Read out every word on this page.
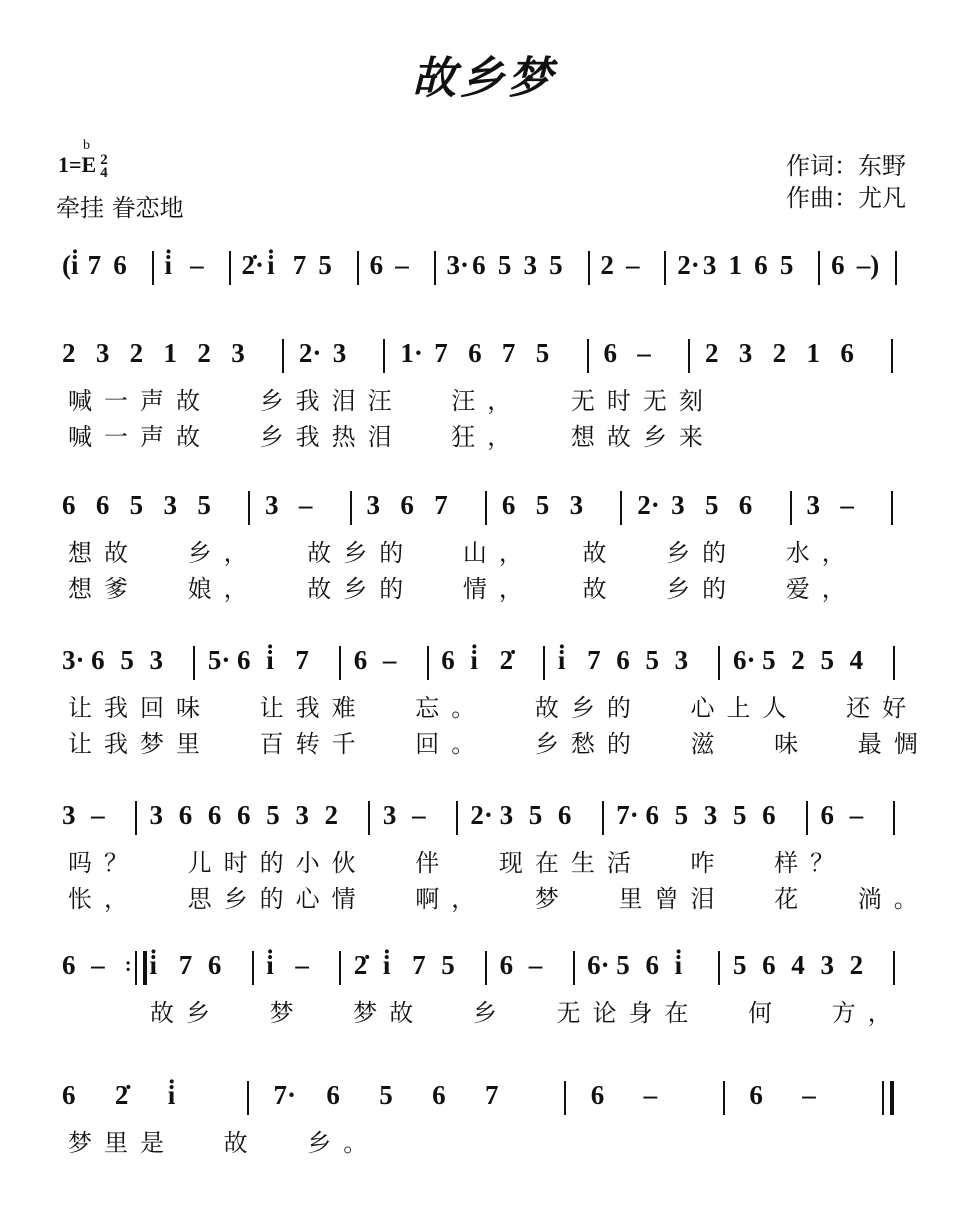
故乡梦
1=
b
E 2
4
牵挂 眷恋地
作词：东野
作曲：尤凡
(i̇ 7 6 i̇ – 2̇· i̇ 7 5 6 – 3· 6 5 3 5 2 – 2· 3 1 6 5 6 –)
2 3 2 1 2 3 2· 3 1· 7 6 7 5 6 – 2 3 2 1 6
喊一声故 乡我泪汪 汪， 无时无刻
喊一声故 乡我热泪 狂， 想故乡来
6 6 5 3 5 3 – 3 6 7 6 5 3 2· 3 5 6 3 –
想故 乡， 故乡的 山， 故 乡的 水，
想爹 娘， 故乡的 情， 故 乡的 爱，
3· 6 5 3 5· 6 i̇ 7 6 – 6 i̇ 2̇ i̇ 7 6 5 3 6· 5 2 5 4
让我回味 让我难 忘。 故乡的 心上人 还好
让我梦里 百转千 回。 乡愁的 滋 味 最惆
3 – 3 6 6 6 5 3 2 3 – 2· 3 5 6 7· 6 5 3 5 6 6 –
吗？ 儿时的小伙 伴 现在生活 咋 样？
怅， 思乡的心情 啊， 梦 里曾泪 花 淌。
6 – : i̇ 7 6 i̇ – 2̇ i̇ 7 5 6 – 6· 5 6 i̇ 5 6 4 3 2
故乡 梦 梦故 乡 无论身在 何 方，
6 2̇ i̇	7· 6 5 6 7	6 –	6 –
梦里是 故 乡。
